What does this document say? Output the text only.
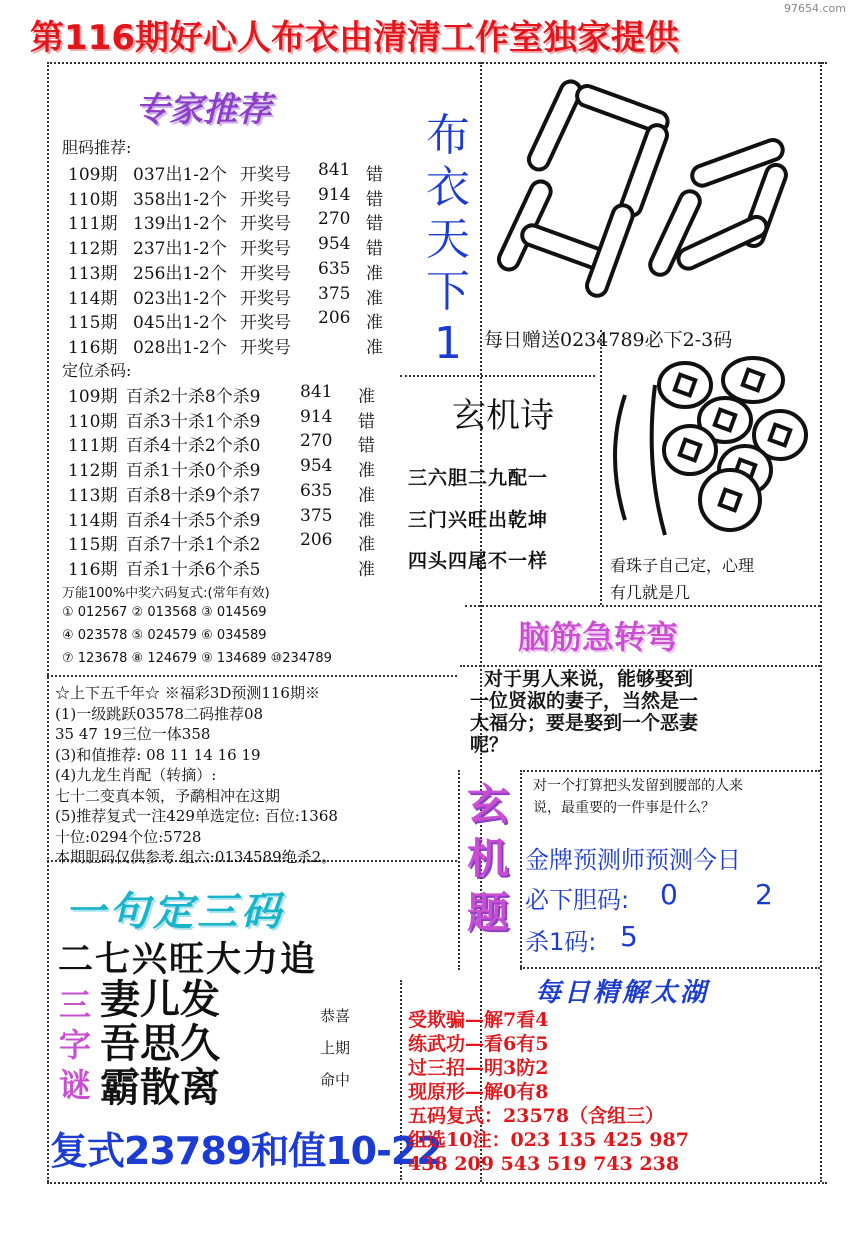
97654.com
第116期好心人布衣由清清工作室独家提供
专家推荐
胆码推荐:
109期 037出1-2个 开奖号 841 错
110期 358出1-2个 开奖号 914 错
111期 139出1-2个 开奖号 270 错
112期 237出1-2个 开奖号 954 错
113期 256出1-2个 开奖号 635 准
114期 023出1-2个 开奖号 375 准
115期 045出1-2个 开奖号 206 准
116期 028出1-2个 开奖号	准
定位杀码:
109期 百杀2十杀8个杀9 841 准
110期 百杀3十杀1个杀9 914 错
111期 百杀4十杀2个杀0 270 错
112期 百杀1十杀0个杀9 954 准
113期 百杀8十杀9个杀7 635 准
114期 百杀4十杀5个杀9 375 准
115期 百杀7十杀1个杀2 206 准
116期 百杀1十杀6个杀5	准
万能100%中奖六码复式:(常年有效)
① 012567 ② 013568 ③ 014569
④ 023578 ⑤ 024579 ⑥ 034589
⑦ 123678 ⑧ 124679 ⑨ 134689 ⑩234789
布
衣
天
下
1
02
每日赠送0234789必下2-3码
玄机诗
三六胆二九配一
三门兴旺出乾坤
四头四尾不一样	看珠子自己定，心理
有几就是几
脑筋急转弯
对于男人来说，能够娶到
一位贤淑的妻子，当然是一
大福分；要是娶到一个恶妻
呢？
☆上下五千年☆ ※福彩3D预测116期※
(1)一级跳跃03578二码推荐08
35 47 19三位一体358
(3)和值推荐: 08 11 14 16 19
(4)九龙生肖配（转摘）:
七十二变真本领，予鹬相冲在这期
(5)推荐复式一注429单选定位: 百位:1368
十位:0294个位:5728
本期胆码仅供参考 组六:0134589绝杀2。
玄
机
题
对一个打算把头发留到腰部的人来
说，最重要的一件事是什么？
金牌预测师预测今日
必下胆码: 0	2
杀1码: 5
一句定三码
二七兴旺大力追
三
字
谜
妻儿发
吾思久
霸散离
恭喜
上期
命中
复式23789和值10-22
每日精解太湖
受欺骗—解7看4
练武功—看6有5
过三招—明3防2
现原形—解0有8
五码复式：23578（含组三）
组选10注：023 135 425 987
438 209 543 519 743 238
